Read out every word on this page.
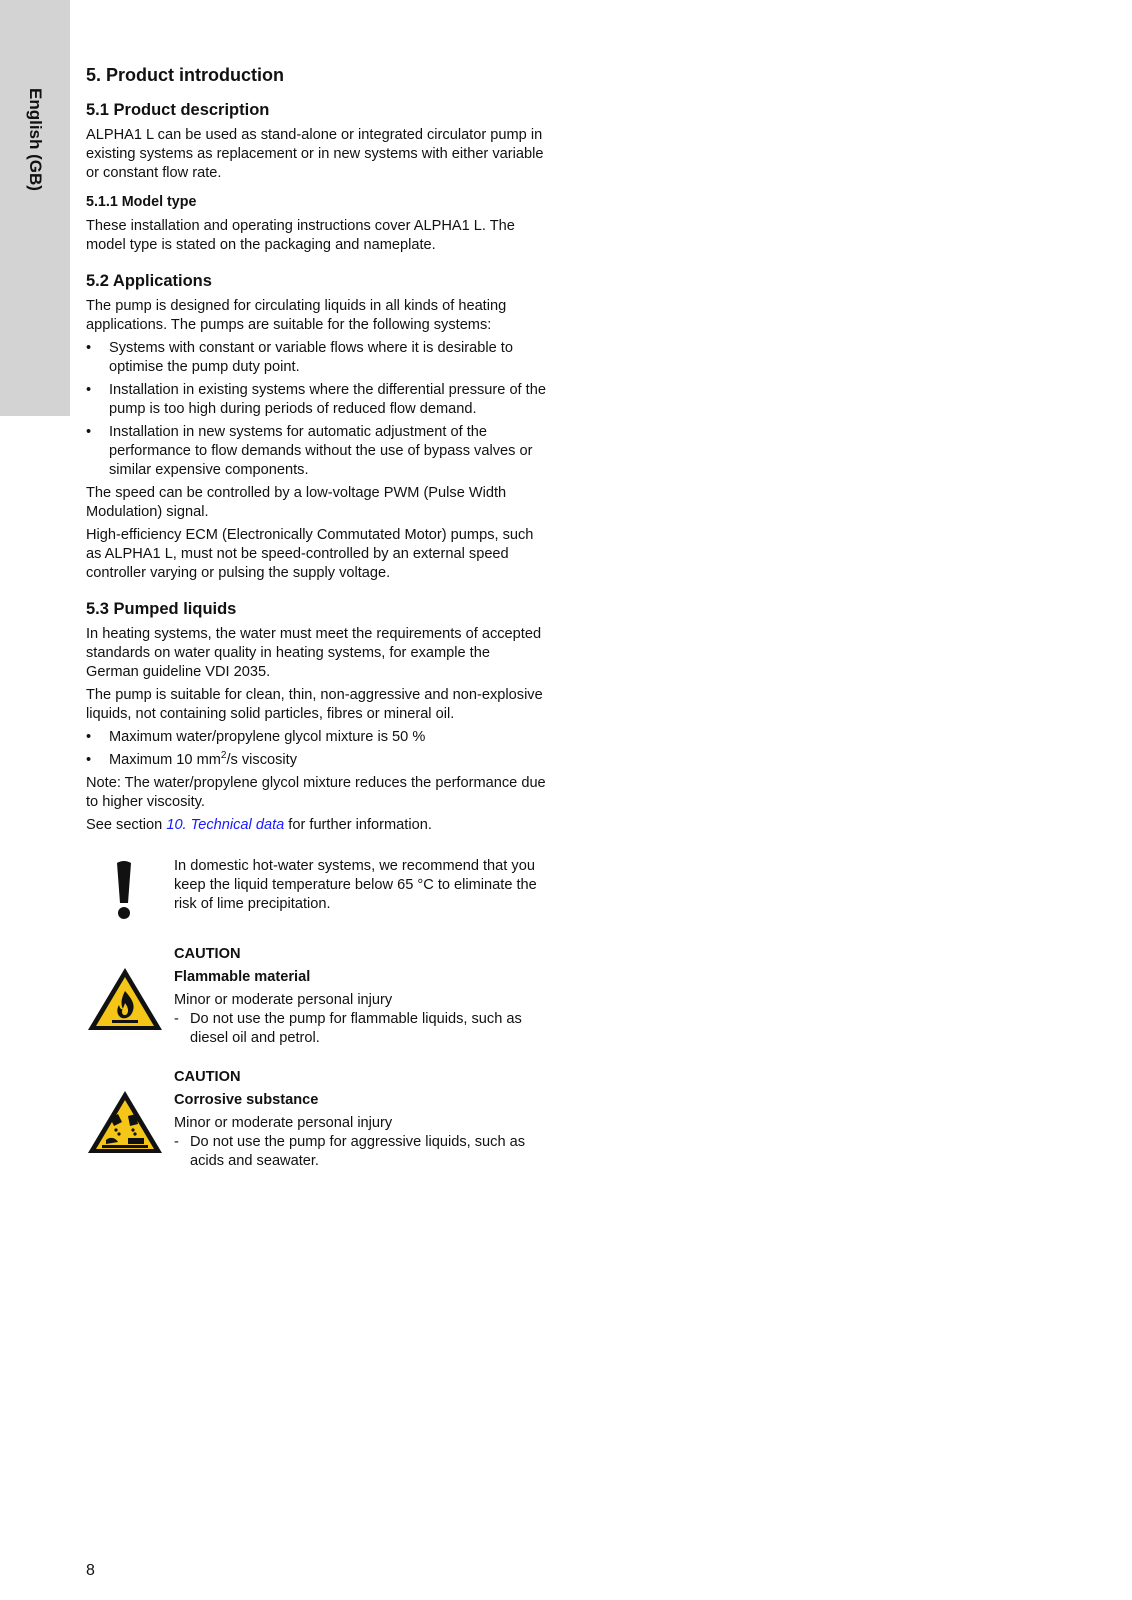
English (GB)
5. Product introduction
5.1 Product description

ALPHA1 L can be used as stand-alone or integrated circulator pump in existing systems as replacement or in new systems with either variable or constant flow rate.

5.1.1 Model type

These installation and operating instructions cover ALPHA1 L. The model type is stated on the packaging and nameplate.

5.2 Applications

The pump is designed for circulating liquids in all kinds of heating applications. The pumps are suitable for the following systems:

• Systems with constant or variable flows where it is desirable to optimise the pump duty point.
• Installation in existing systems where the differential pressure of the pump is too high during periods of reduced flow demand.
• Installation in new systems for automatic adjustment of the performance to flow demands without the use of bypass valves or similar expensive components.

The speed can be controlled by a low-voltage PWM (Pulse Width Modulation) signal.

High-efficiency ECM (Electronically Commutated Motor) pumps, such as ALPHA1 L, must not be speed-controlled by an external speed controller varying or pulsing the supply voltage.

5.3 Pumped liquids

In heating systems, the water must meet the requirements of accepted standards on water quality in heating systems, for example the German guideline VDI 2035.

The pump is suitable for clean, thin, non-aggressive and non-explosive liquids, not containing solid particles, fibres or mineral oil.

• Maximum water/propylene glycol mixture is 50 %
• Maximum 10 $mm^2/s$ viscosity

Note: The water/propylene glycol mixture reduces the performance due to higher viscosity.

See section 10. Technical data for further information.

In domestic hot-water systems, we recommend that you keep the liquid temperature below 65 °C to eliminate the risk of lime precipitation.

CAUTION

Flammable material

Minor or moderate personal injury

- Do not use the pump for flammable liquids, such as diesel oil and petrol.

CAUTION

Corrosive substance

Minor or moderate personal injury

- Do not use the pump for aggressive liquids, such as acids and seawater.
8
